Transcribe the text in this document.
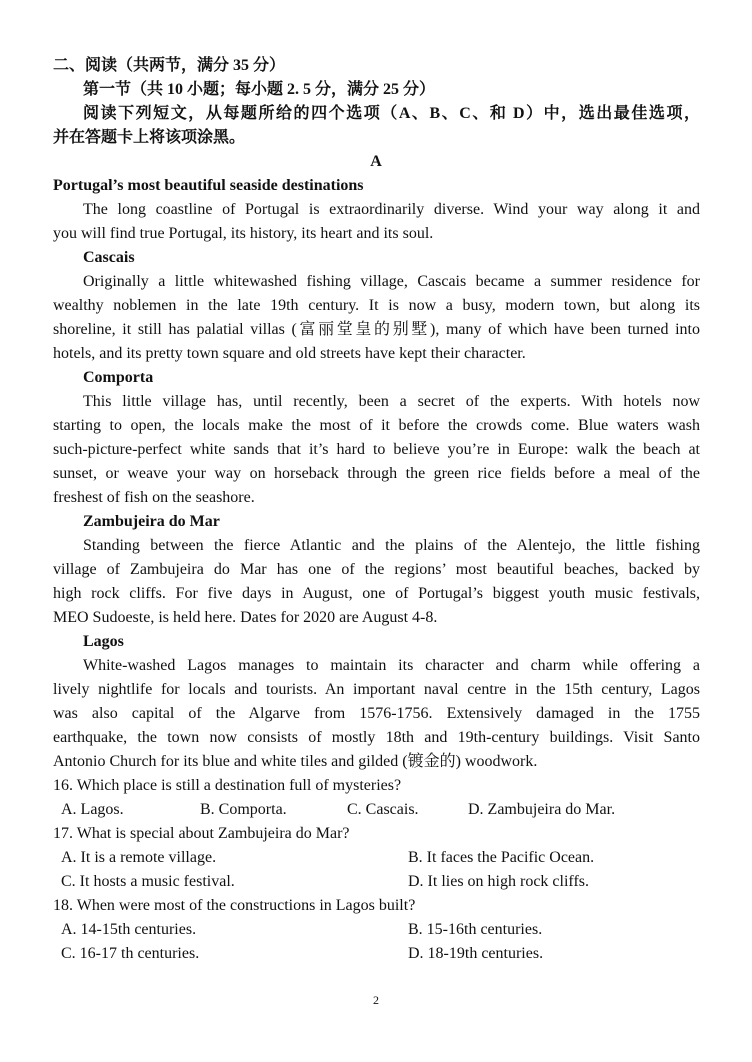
二、阅读（共两节，满分 35 分）

第一节（共 10 小题；每小题 2. 5 分，满分 25 分）

阅读下列短文，从每题所给的四个选项（A、B、C、和 D）中，选出最佳选项，

并在答题卡上将该项涂黑。

A

Portugal’s most beautiful seaside destinations

The long coastline of Portugal is extraordinarily diverse. Wind your way along it and

you will find true Portugal, its history, its heart and its soul.

Cascais

Originally a little whitewashed fishing village, Cascais became a summer residence for

wealthy noblemen in the late 19th century. It is now a busy, modern town, but along its

shoreline, it still has palatial villas (富丽堂皇的别墅), many of which have been turned into

hotels, and its pretty town square and old streets have kept their character.

Comporta

This little village has, until recently, been a secret of the experts. With hotels now

starting to open, the locals make the most of it before the crowds come. Blue waters wash

such-picture-perfect white sands that it’s hard to believe you’re in Europe: walk the beach at

sunset, or weave your way on horseback through the green rice fields before a meal of the

freshest of fish on the seashore.

Zambujeira do Mar

Standing between the fierce Atlantic and the plains of the Alentejo, the little fishing

village of Zambujeira do Mar has one of the regions’ most beautiful beaches, backed by

high rock cliffs. For five days in August, one of Portugal’s biggest youth music festivals,

MEO Sudoeste, is held here. Dates for 2020 are August 4-8.

Lagos

White-washed Lagos manages to maintain its character and charm while offering a

lively nightlife for locals and tourists. An important naval centre in the 15th century, Lagos

was also capital of the Algarve from 1576-1756. Extensively damaged in the 1755

earthquake, the town now consists of mostly 18th and 19th-century buildings. Visit Santo

Antonio Church for its blue and white tiles and gilded (镀金的) woodwork.

16. Which place is still a destination full of mysteries?

A. Lagos.	B. Comporta.	C. Cascais.	D. Zambujeira do Mar.

17. What is special about Zambujeira do Mar?

A. It is a remote village.	B. It faces the Pacific Ocean.

C. It hosts a music festival.	D. It lies on high rock cliffs.

18. When were most of the constructions in Lagos built?

A. 14-15th centuries.	B. 15-16th centuries.

C. 16-17 th centuries.	D. 18-19th centuries.

2
